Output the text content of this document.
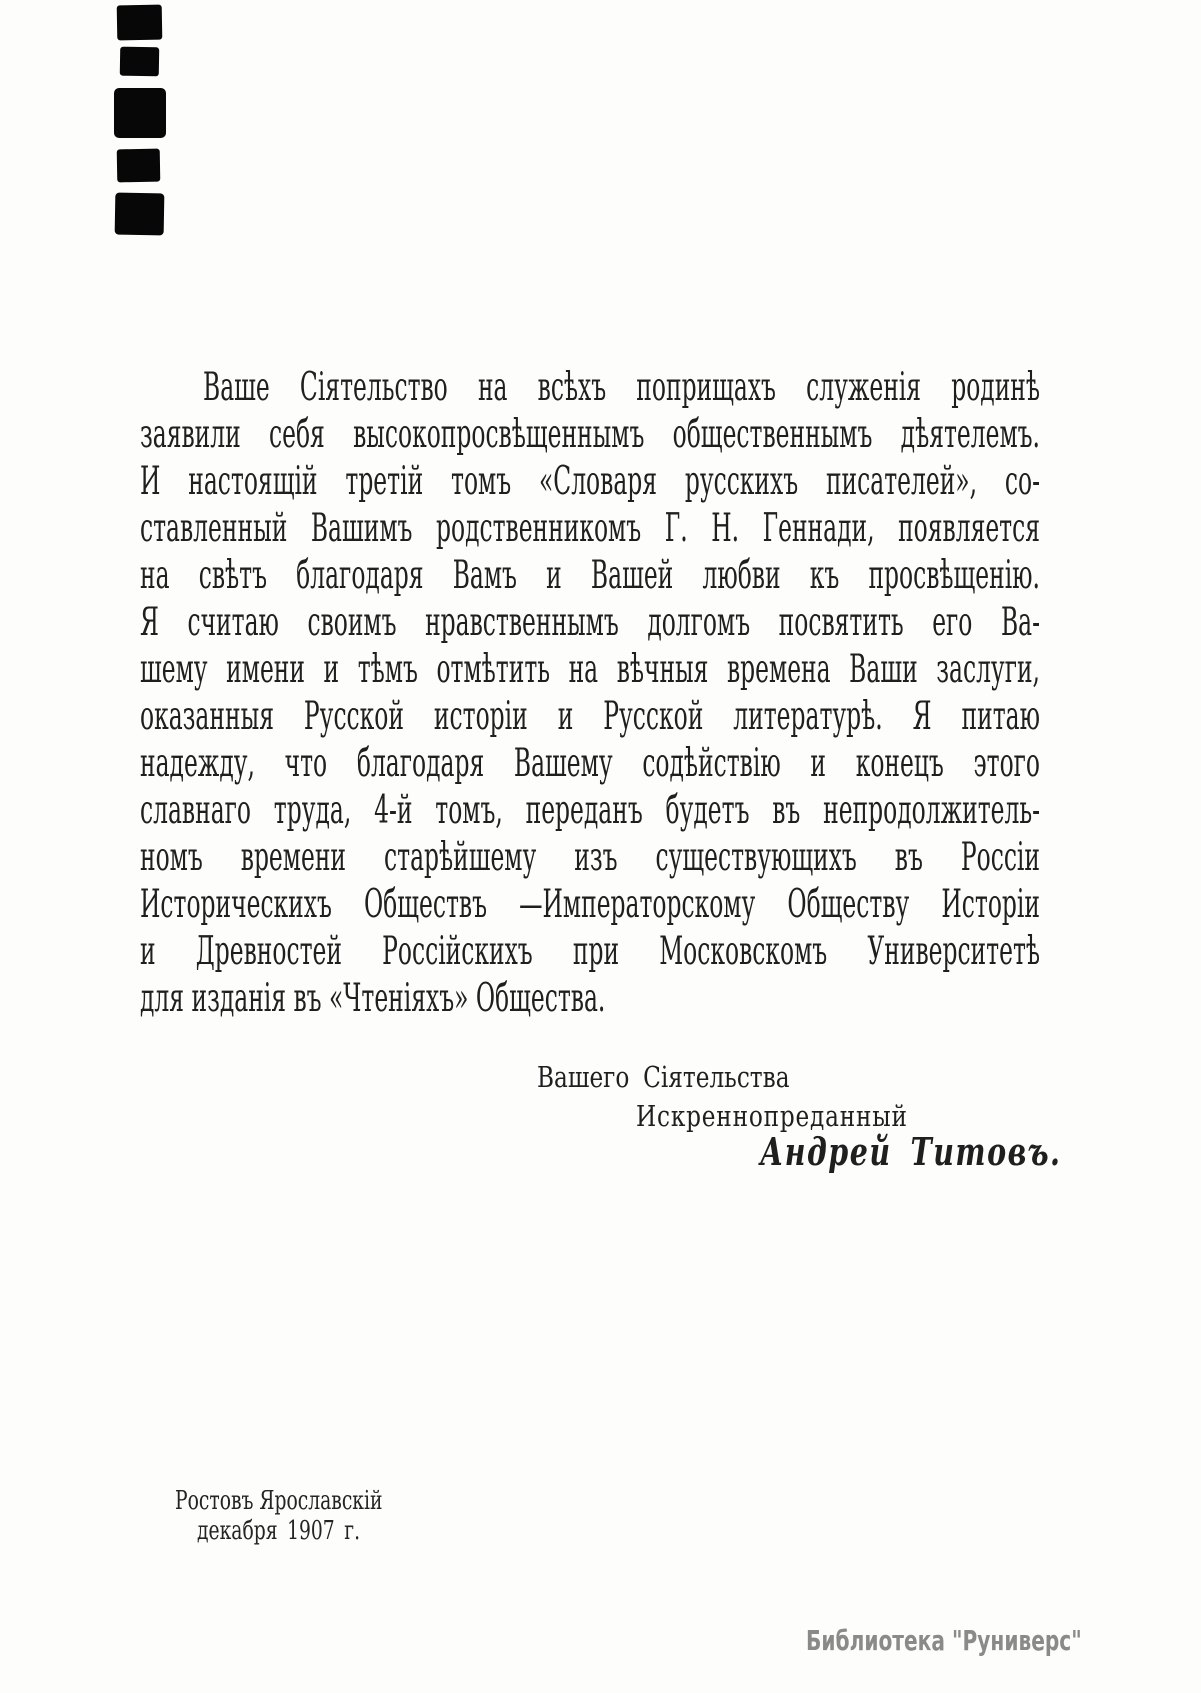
Ваше Сіятельство на всѣхъ поприщахъ служенія родинѣ

заявили себя высокопросвѣщеннымъ общественнымъ дѣятелемъ.

И настоящій третій томъ «Словаря русскихъ писателей», со-

ставленный Вашимъ родственникомъ Г. Н. Геннади, появляется

на свѣтъ благодаря Вамъ и Вашей любви къ просвѣщенію.

Я считаю своимъ нравственнымъ долгомъ посвятить его Ва-

шему имени и тѣмъ отмѣтить на вѣчныя времена Ваши заслуги,

оказанныя Русской исторіи и Русской литературѣ. Я питаю

надежду, что благодаря Вашему содѣйствію и конецъ этого

славнаго труда, 4-й томъ, переданъ будетъ въ непродолжитель-

номъ времени старѣйшему изъ существующихъ въ Россіи

Историческихъ Обществъ —Императорскому Обществу Исторіи

и Древностей Россійскихъ при Московскомъ Университетѣ

для изданія въ «Чтеніяхъ» Общества.

Вашего Сіятельства
Искреннопреданный
Андрей Титовъ.
Ростовъ Ярославскій
декабря 1907 г.
Библиотека "Руниверс"
